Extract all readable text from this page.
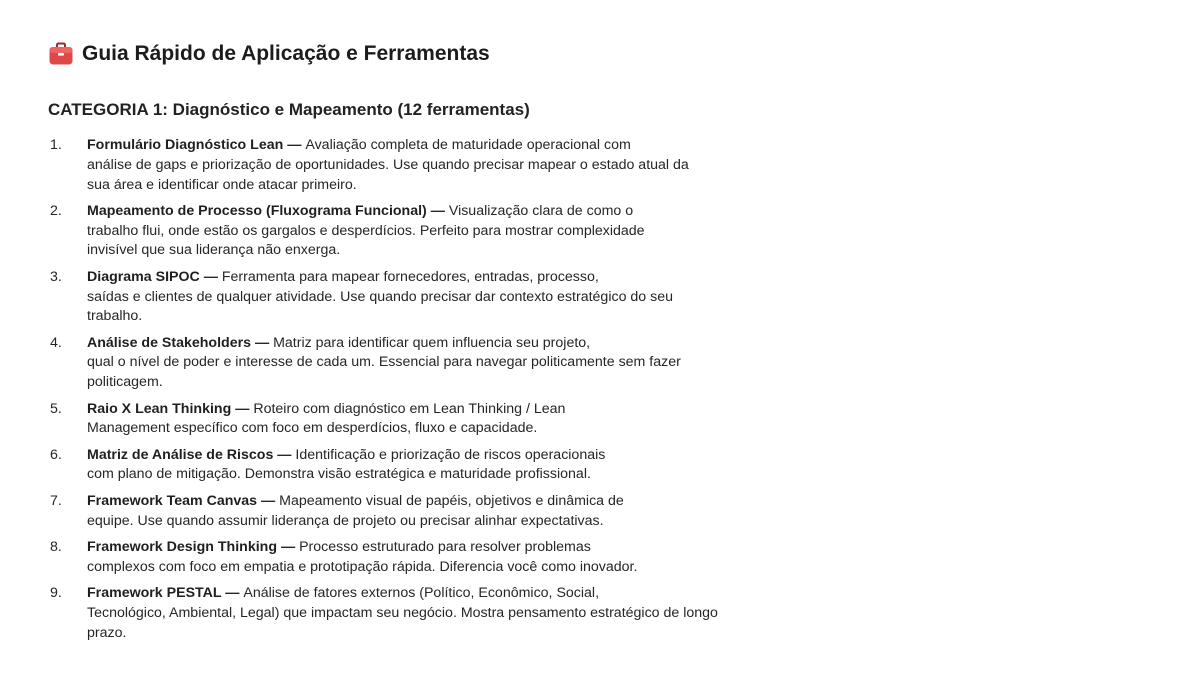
Guia Rápido de Aplicação e Ferramentas
CATEGORIA 1: Diagnóstico e Mapeamento (12 ferramentas)
1. Formulário Diagnóstico Lean — Avaliação completa de maturidade operacional com
análise de gaps e priorização de oportunidades. Use quando precisar mapear o estado atual da
sua área e identificar onde atacar primeiro.
2. Mapeamento de Processo (Fluxograma Funcional) — Visualização clara de como o
trabalho flui, onde estão os gargalos e desperdícios. Perfeito para mostrar complexidade
invisível que sua liderança não enxerga.
3. Diagrama SIPOC — Ferramenta para mapear fornecedores, entradas, processo,
saídas e clientes de qualquer atividade. Use quando precisar dar contexto estratégico do seu
trabalho.
4. Análise de Stakeholders — Matriz para identificar quem influencia seu projeto,
qual o nível de poder e interesse de cada um. Essencial para navegar politicamente sem fazer
politicagem.
5. Raio X Lean Thinking — Roteiro com diagnóstico em Lean Thinking / Lean
Management específico com foco em desperdícios, fluxo e capacidade.
6. Matriz de Análise de Riscos — Identificação e priorização de riscos operacionais
com plano de mitigação. Demonstra visão estratégica e maturidade profissional.
7. Framework Team Canvas — Mapeamento visual de papéis, objetivos e dinâmica de
equipe. Use quando assumir liderança de projeto ou precisar alinhar expectativas.
8. Framework Design Thinking — Processo estruturado para resolver problemas
complexos com foco em empatia e prototipação rápida. Diferencia você como inovador.
9. Framework PESTAL — Análise de fatores externos (Político, Econômico, Social,
Tecnológico, Ambiental, Legal) que impactam seu negócio. Mostra pensamento estratégico de longo
prazo.
